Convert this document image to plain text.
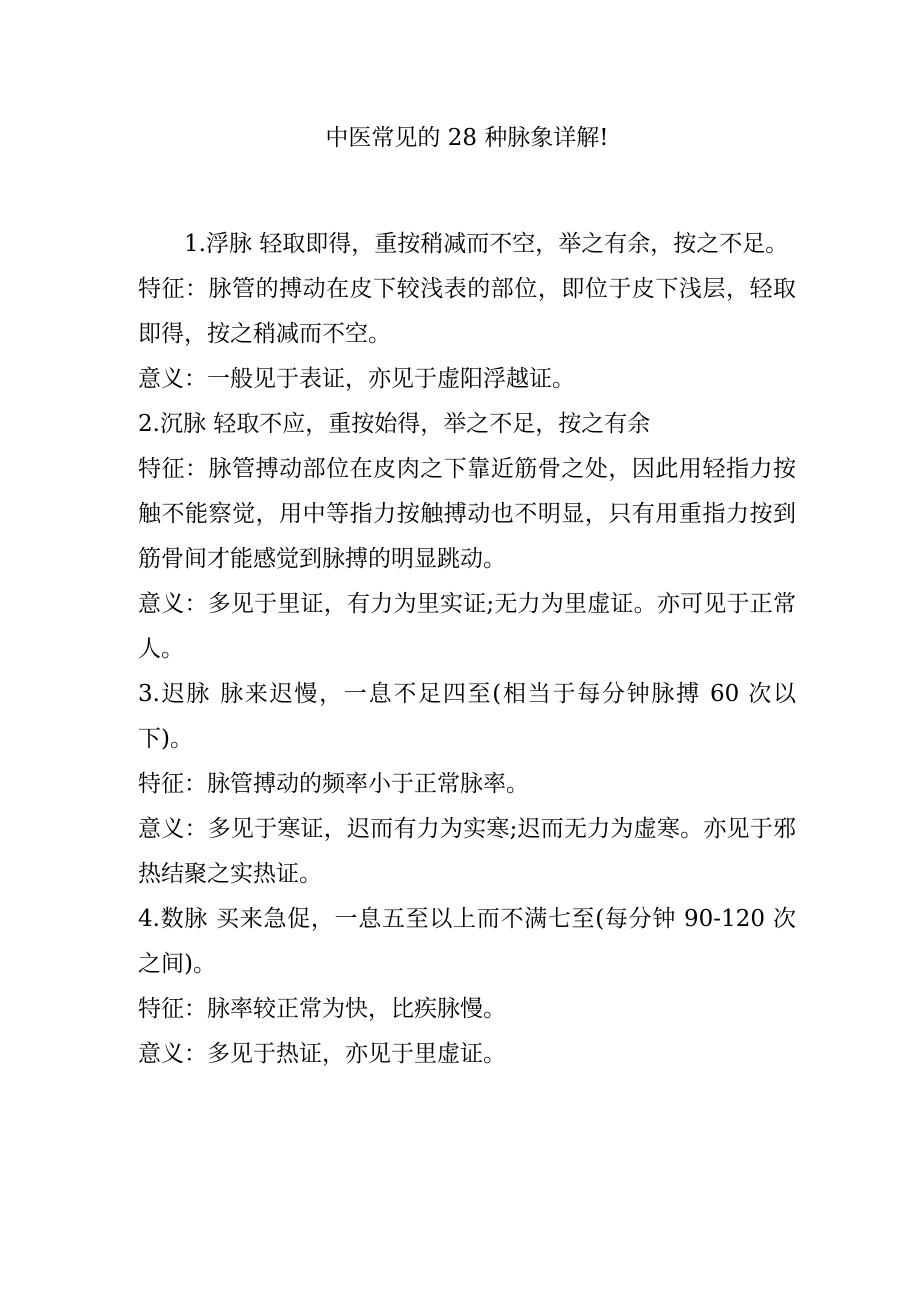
中医常见的 28 种脉象详解!

1.浮脉 轻取即得，重按稍减而不空，举之有余，按之不足。

特征：脉管的搏动在皮下较浅表的部位，即位于皮下浅层，轻取即得，按之稍减而不空。

意义：一般见于表证，亦见于虚阳浮越证。

2.沉脉 轻取不应，重按始得，举之不足，按之有余

特征：脉管搏动部位在皮肉之下靠近筋骨之处，因此用轻指力按触不能察觉，用中等指力按触搏动也不明显，只有用重指力按到筋骨间才能感觉到脉搏的明显跳动。

意义：多见于里证，有力为里实证;无力为里虚证。亦可见于正常人。

3.迟脉 脉来迟慢，一息不足四至(相当于每分钟脉搏 60 次以下)。

特征：脉管搏动的频率小于正常脉率。

意义：多见于寒证，迟而有力为实寒;迟而无力为虚寒。亦见于邪热结聚之实热证。

4.数脉 买来急促，一息五至以上而不满七至(每分钟 90-120 次之间)。

特征：脉率较正常为快，比疾脉慢。

意义：多见于热证，亦见于里虚证。
